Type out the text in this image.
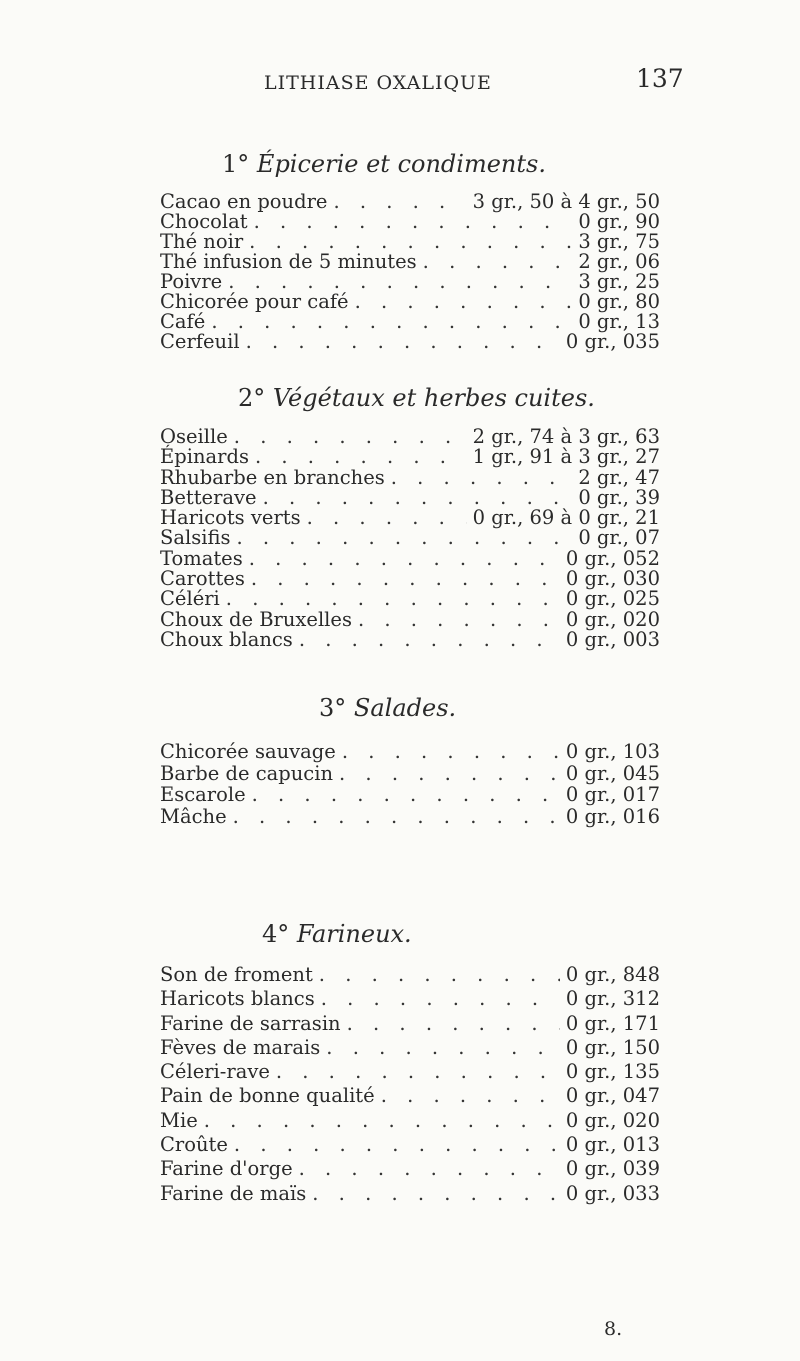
LITHIASE OXALIQUE	137
1° Épicerie et condiments.
Cacao en poudre . . .	3 gr., 50 à 4 gr., 50
Chocolat . . .	0 gr., 90
Thé noir . . .	3 gr., 75
Thé infusion de 5 minutes . . .	2 gr., 06
Poivre . . .	3 gr., 25
Chicorée pour café . . .	0 gr., 80
Café . . .	0 gr., 13
Cerfeuil . . .	0 gr., 035
2° Végétaux et herbes cuites.
Oseille . . .	2 gr., 74 à 3 gr., 63
Épinards . . .	1 gr., 91 à 3 gr., 27
Rhubarbe en branches . . .	2 gr., 47
Betterave . . .	0 gr., 39
Haricots verts . . .	0 gr., 69 à 0 gr., 21
Salsifis . . .	0 gr., 07
Tomates . . .	0 gr., 052
Carottes . . .	0 gr., 030
Céléri . . .	0 gr., 025
Choux de Bruxelles . . .	0 gr., 020
Choux blancs . . .	0 gr., 003
3° Salades.
Chicorée sauvage . . .	0 gr., 103
Barbe de capucin . . .	0 gr., 045
Escarole . . .	0 gr., 017
Mâche . . .	0 gr., 016
4° Farineux.
Son de froment . . .	0 gr., 848
Haricots blancs . . .	0 gr., 312
Farine de sarrasin . . .	0 gr., 171
Fèves de marais . . .	0 gr., 150
Céleri-rave . . .	0 gr., 135
Pain de bonne qualité . . .	0 gr., 047
Mie . . .	0 gr., 020
Croûte . . .	0 gr., 013
Farine d'orge . . .	0 gr., 039
Farine de maïs . . .	0 gr., 033
8.
